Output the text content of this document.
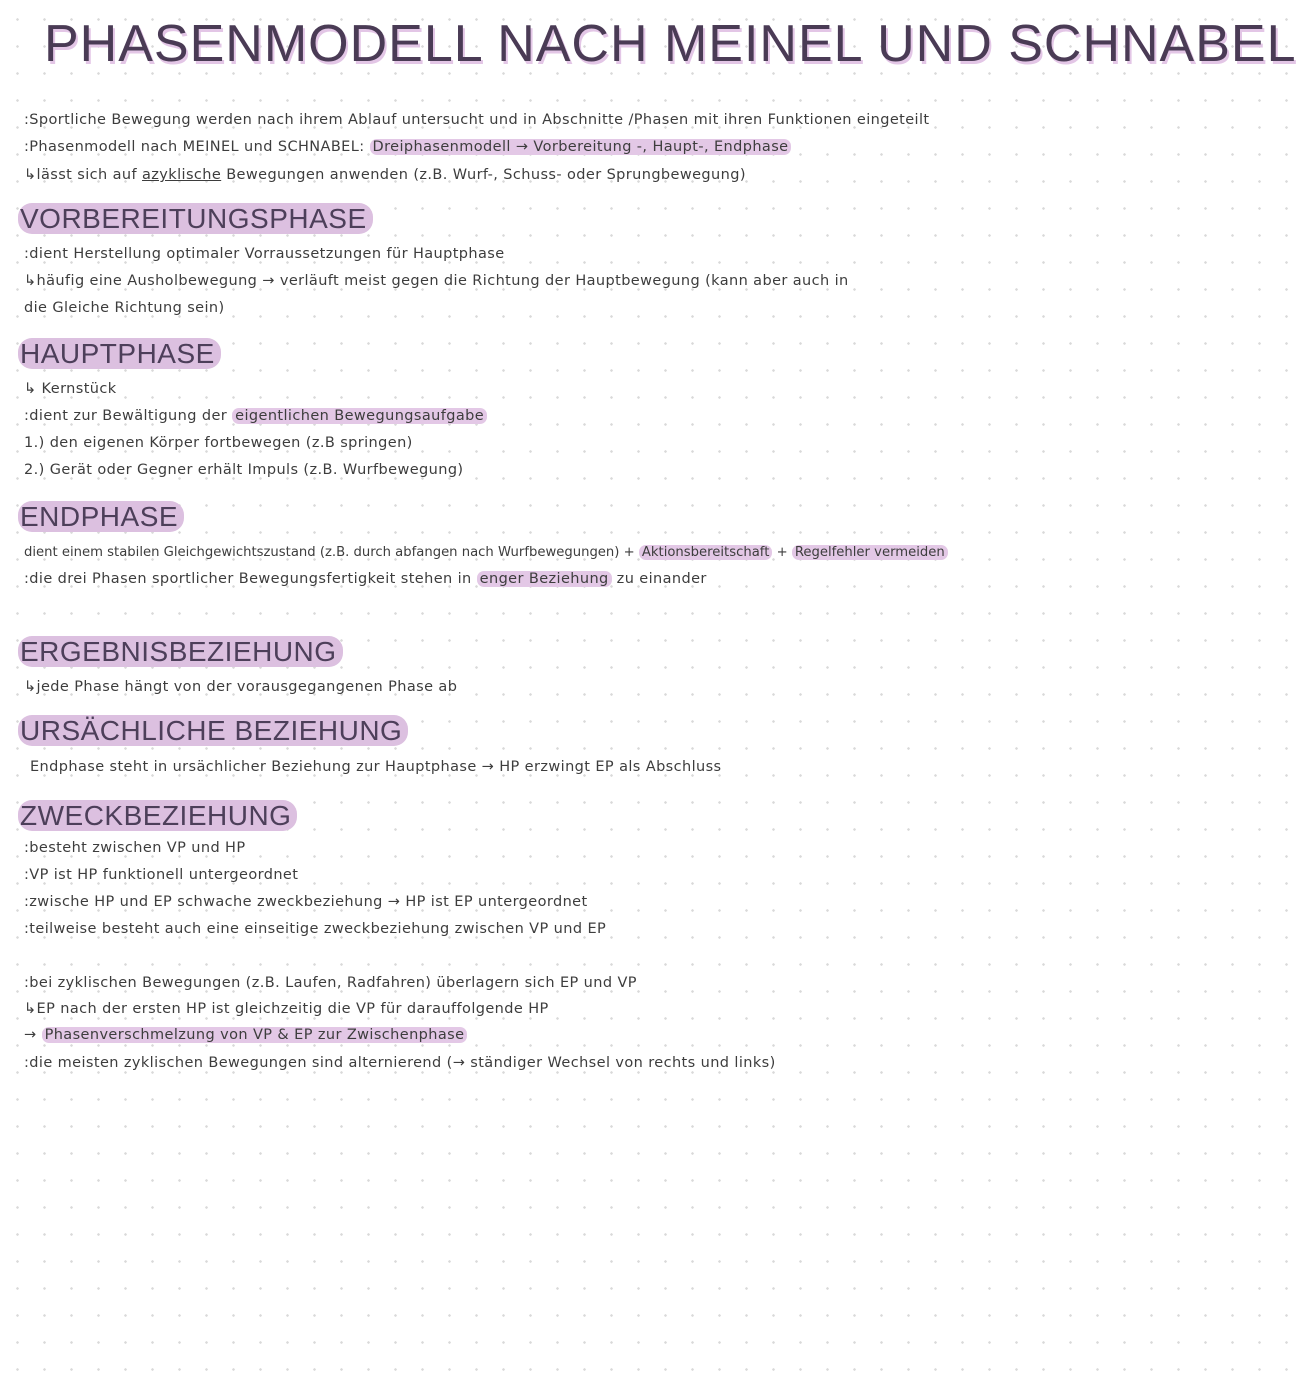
PHASENMODELL NACH MEINEL UND SCHNABEL
:Sportliche Bewegung werden nach ihrem Ablauf untersucht und in Abschnitte /Phasen mit ihren Funktionen eingeteilt
:Phasenmodell nach MEINEL und SCHNABEL: Dreiphasenmodell → Vorbereitung -, Haupt-, Endphase
↳lässt sich auf azyklische Bewegungen anwenden (z.B. Wurf-, Schuss- oder Sprungbewegung)
VORBEREITUNGSPHASE
:dient Herstellung optimaler Vorraussetzungen für Hauptphase
↳häufig eine Ausholbewegung → verläuft meist gegen die Richtung der Hauptbewegung (kann aber auch in
die Gleiche Richtung sein)
HAUPTPHASE
↳ Kernstück
:dient zur Bewältigung der eigentlichen Bewegungsaufgabe
1.) den eigenen Körper fortbewegen (z.B springen)
2.) Gerät oder Gegner erhält Impuls (z.B. Wurfbewegung)
ENDPHASE
dient einem stabilen Gleichgewichtszustand (z.B. durch abfangen nach Wurfbewegungen) + Aktionsbereitschaft + Regelfehler vermeiden
:die drei Phasen sportlicher Bewegungsfertigkeit stehen in enger Beziehung zu einander
ERGEBNISBEZIEHUNG
↳jede Phase hängt von der vorausgegangenen Phase ab
URSÄCHLICHE BEZIEHUNG
Endphase steht in ursächlicher Beziehung zur Hauptphase → HP erzwingt EP als Abschluss
ZWECKBEZIEHUNG
:besteht zwischen VP und HP
:VP ist HP funktionell untergeordnet
:zwische HP und EP schwache zweckbeziehung → HP ist EP untergeordnet
:teilweise besteht auch eine einseitige zweckbeziehung zwischen VP und EP
:bei zyklischen Bewegungen (z.B. Laufen, Radfahren) überlagern sich EP und VP
↳EP nach der ersten HP ist gleichzeitig die VP für darauffolgende HP
→ Phasenverschmelzung von VP & EP zur Zwischenphase
:die meisten zyklischen Bewegungen sind alternierend (→ ständiger Wechsel von rechts und links)
